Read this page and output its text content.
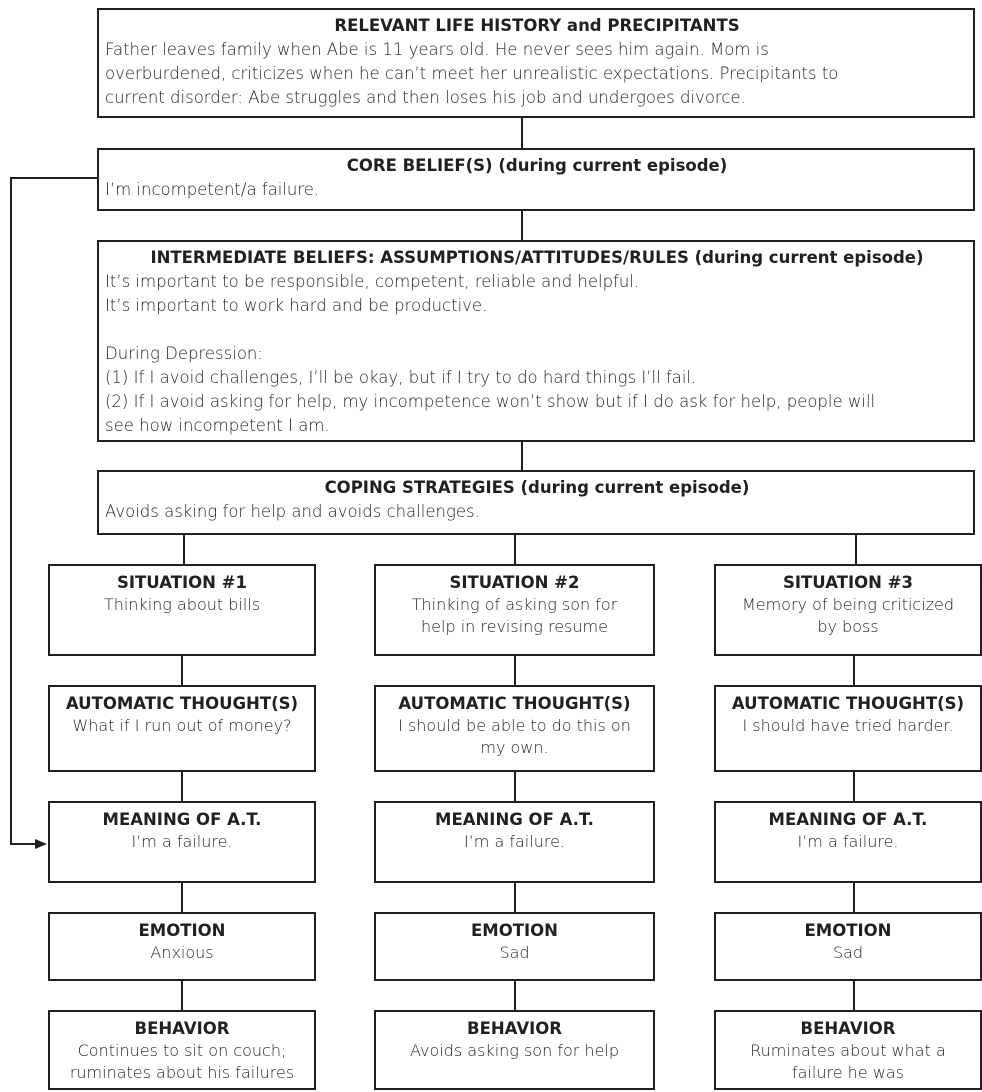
RELEVANT LIFE HISTORY and PRECIPITANTS
Father leaves family when Abe is 11 years old. He never sees him again. Mom is
overburdened, criticizes when he can’t meet her unrealistic expectations. Precipitants to
current disorder: Abe struggles and then loses his job and undergoes divorce.
CORE BELIEF(S) (during current episode)
I’m incompetent/a failure.
INTERMEDIATE BELIEFS: ASSUMPTIONS/ATTITUDES/RULES (during current episode)
It’s important to be responsible, competent, reliable and helpful.
It’s important to work hard and be productive.
During Depression:
(1) If I avoid challenges, I’ll be okay, but if I try to do hard things I’ll fail.
(2) If I avoid asking for help, my incompetence won’t show but if I do ask for help, people will
see how incompetent I am.
COPING STRATEGIES (during current episode)
Avoids asking for help and avoids challenges.
SITUATION #1
Thinking about bills
AUTOMATIC THOUGHT(S)
What if I run out of money?
MEANING OF A.T.
I’m a failure.
EMOTION
Anxious
BEHAVIOR
Continues to sit on couch;
ruminates about his failures
SITUATION #2
Thinking of asking son for
help in revising resume
AUTOMATIC THOUGHT(S)
I should be able to do this on
my own.
MEANING OF A.T.
I’m a failure.
EMOTION
Sad
BEHAVIOR
Avoids asking son for help
SITUATION #3
Memory of being criticized
by boss
AUTOMATIC THOUGHT(S)
I should have tried harder.
MEANING OF A.T.
I’m a failure.
EMOTION
Sad
BEHAVIOR
Ruminates about what a
failure he was
